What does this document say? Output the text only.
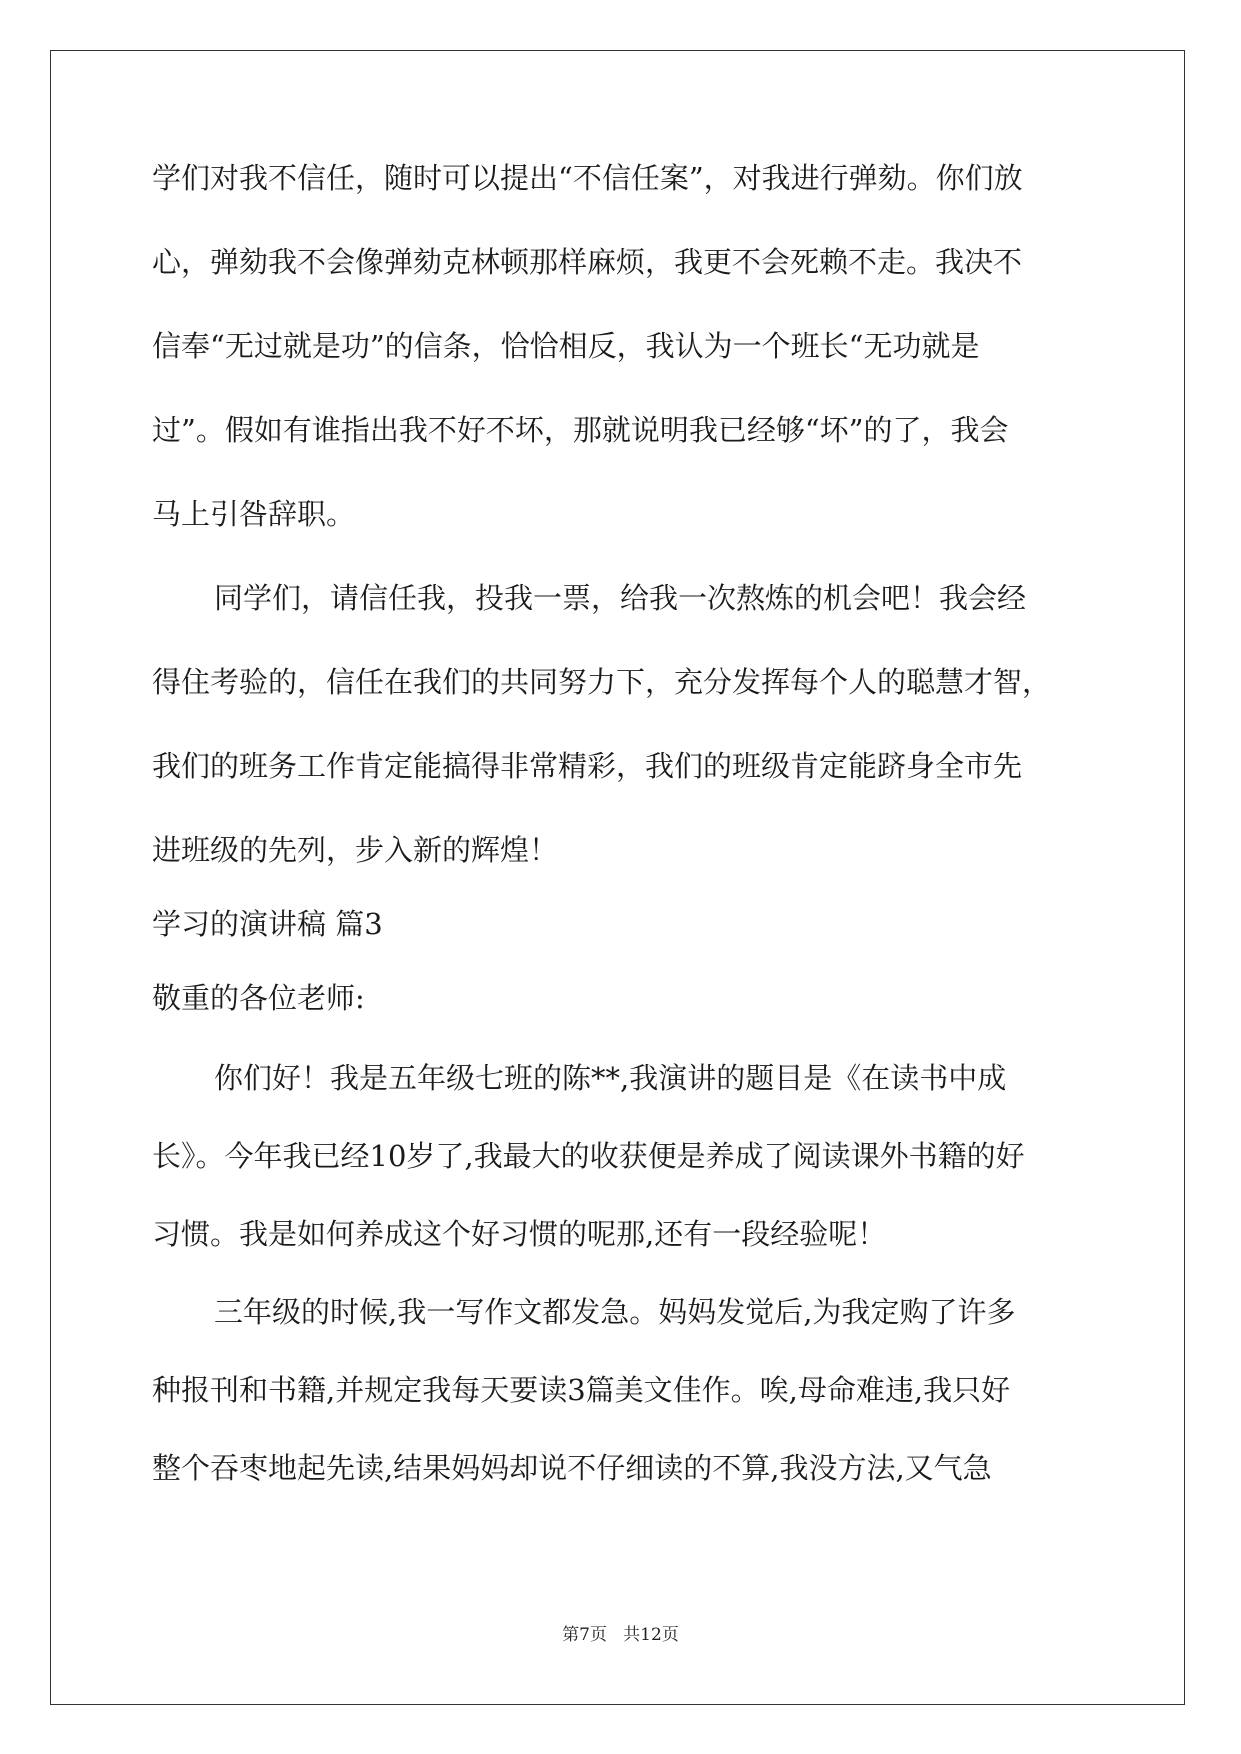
学们对我不信任，随时可以提出“不信任案”，对我进行弹劾。你们放
心，弹劾我不会像弹劾克林顿那样麻烦，我更不会死赖不走。我决不
信奉“无过就是功”的信条，恰恰相反，我认为一个班长“无功就是
过”。假如有谁指出我不好不坏，那就说明我已经够“坏”的了，我会
马上引咎辞职。
同学们，请信任我，投我一票，给我一次熬炼的机会吧！我会经
得住考验的，信任在我们的共同努力下，充分发挥每个人的聪慧才智，
我们的班务工作肯定能搞得非常精彩，我们的班级肯定能跻身全市先
进班级的先列，步入新的辉煌！
学习的演讲稿 篇3
敬重的各位老师:
你们好！我是五年级七班的陈**,我演讲的题目是《在读书中成
长》。今年我已经10岁了,我最大的收获便是养成了阅读课外书籍的好
习惯。我是如何养成这个好习惯的呢那,还有一段经验呢！
三年级的时候,我一写作文都发急。妈妈发觉后,为我定购了许多
种报刊和书籍,并规定我每天要读3篇美文佳作。唉,母命难违,我只好
整个吞枣地起先读,结果妈妈却说不仔细读的不算,我没方法,又气急
第7页   共12页
